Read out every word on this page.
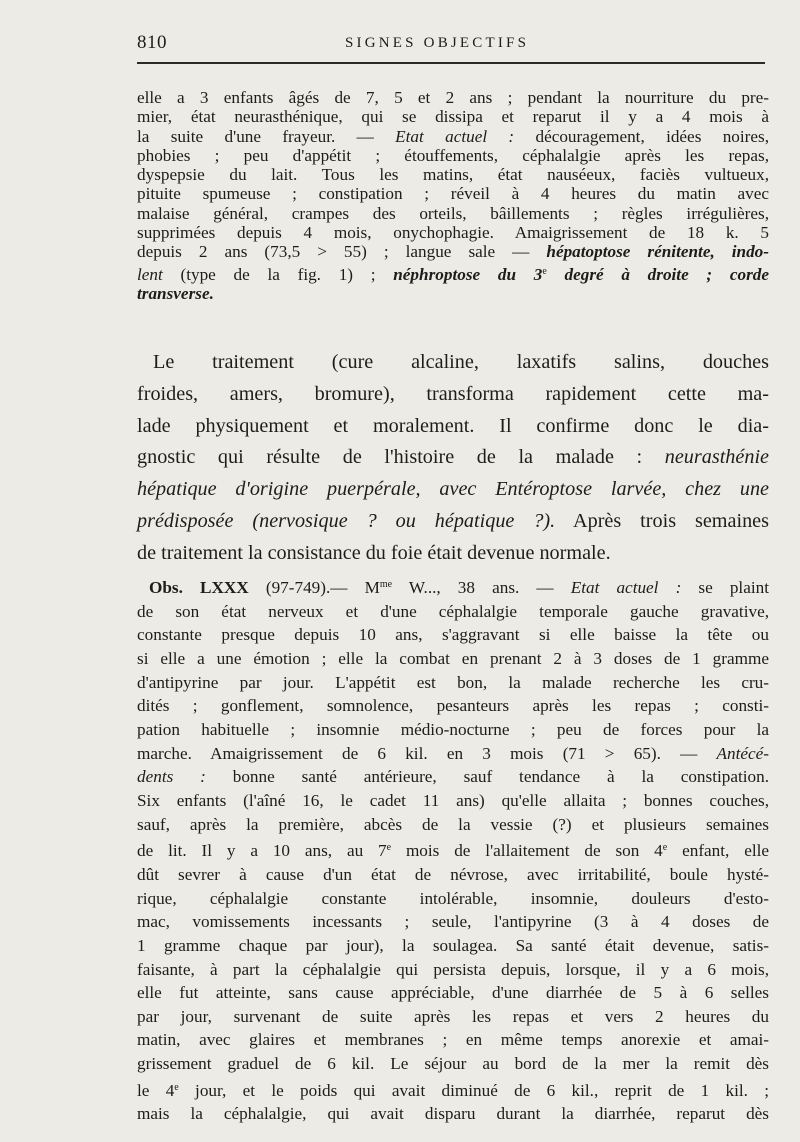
810	SIGNES OBJECTIFS
elle a 3 enfants âgés de 7, 5 et 2 ans ; pendant la nourriture du pre-
mier, état neurasthénique, qui se dissipa et reparut il y a 4 mois à
la suite d'une frayeur. — Etat actuel : découragement, idées noires,
phobies ; peu d'appétit ; étouffements, céphalalgie après les repas,
dyspepsie du lait. Tous les matins, état nauséeux, faciès vultueux,
pituite spumeuse ; constipation ; réveil à 4 heures du matin avec
malaise général, crampes des orteils, bâillements ; règles irrégulières,
supprimées depuis 4 mois, onychophagie. Amaigrissement de 18 k. 5
depuis 2 ans (73,5 > 55) ; langue sale — hépatoptose rénitente, indo-
lent (type de la fig. 1) ; néphroptose du 3e degré à droite ; corde
transverse.
Le traitement (cure alcaline, laxatifs salins, douches
froides, amers, bromure), transforma rapidement cette ma-
lade physiquement et moralement. Il confirme donc le dia-
gnostic qui résulte de l'histoire de la malade : neurasthénie
hépatique d'origine puerpérale, avec Entéroptose larvée, chez une
prédisposée (nervosique ? ou hépatique ?). Après trois semaines
de traitement la consistance du foie était devenue normale.
Obs. LXXX (97-749).— $M^{me}$ W..., 38 ans. — Etat actuel : se plaint
de son état nerveux et d'une céphalalgie temporale gauche gravative,
constante presque depuis 10 ans, s'aggravant si elle baisse la tête ou
si elle a une émotion ; elle la combat en prenant 2 à 3 doses de 1 gramme
d'antipyrine par jour. L'appétit est bon, la malade recherche les cru-
dités ; gonflement, somnolence, pesanteurs après les repas ; consti-
pation habituelle ; insomnie médio-nocturne ; peu de forces pour la
marche. Amaigrissement de 6 kil. en 3 mois (71 > 65). — Antécé-
dents : bonne santé antérieure, sauf tendance à la constipation.
Six enfants (l'aîné 16, le cadet 11 ans) qu'elle allaita ; bonnes couches,
sauf, après la première, abcès de la vessie (?) et plusieurs semaines
de lit. Il y a 10 ans, au 7e mois de l'allaitement de son 4e enfant, elle
dût sevrer à cause d'un état de névrose, avec irritabilité, boule hysté-
rique, céphalalgie constante intolérable, insomnie, douleurs d'esto-
mac, vomissements incessants ; seule, l'antipyrine (3 à 4 doses de
1 gramme chaque par jour), la soulagea. Sa santé était devenue, satis-
faisante, à part la céphalalgie qui persista depuis, lorsque, il y a 6 mois,
elle fut atteinte, sans cause appréciable, d'une diarrhée de 5 à 6 selles
par jour, survenant de suite après les repas et vers 2 heures du
matin, avec glaires et membranes ; en même temps anorexie et amai-
grissement graduel de 6 kil. Le séjour au bord de la mer la remit dès
le 4e jour, et le poids qui avait diminué de 6 kil., reprit de 1 kil. ;
mais la céphalalgie, qui avait disparu durant la diarrhée, reparut dès
